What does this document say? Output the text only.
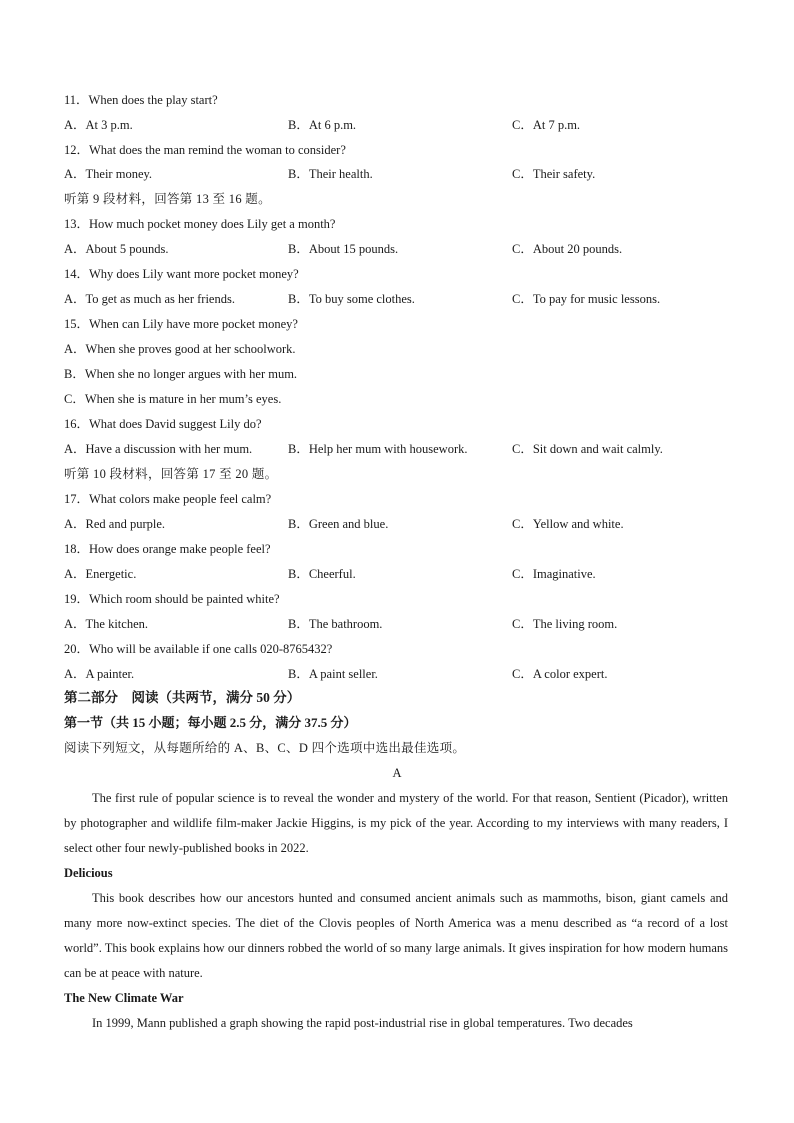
11．When does the play start?
A．At 3 p.m.	B．At 6 p.m.	C．At 7 p.m.
12．What does the man remind the woman to consider?
A．Their money.	B．Their health.	C．Their safety.
听第 9 段材料，回答第 13 至 16 题。
13．How much pocket money does Lily get a month?
A．About 5 pounds.	B．About 15 pounds.	C．About 20 pounds.
14．Why does Lily want more pocket money?
A．To get as much as her friends.	B．To buy some clothes.	C．To pay for music lessons.
15．When can Lily have more pocket money?
A．When she proves good at her schoolwork.
B．When she no longer argues with her mum.
C．When she is mature in her mum’s eyes.
16．What does David suggest Lily do?
A．Have a discussion with her mum.	B．Help her mum with housework.	C．Sit down and wait calmly.
听第 10 段材料，回答第 17 至 20 题。
17．What colors make people feel calm?
A．Red and purple.	B．Green and blue.	C．Yellow and white.
18．How does orange make people feel?
A．Energetic.	B．Cheerful.	C．Imaginative.
19．Which room should be painted white?
A．The kitchen.	B．The bathroom.	C．The living room.
20．Who will be available if one calls 020-8765432?
A．A painter.	B．A paint seller.	C．A color expert.
第二部分    阅读（共两节，满分 50 分）
第一节（共 15 小题；每小题 2.5 分，满分 37.5 分）
阅读下列短文，从每题所给的 A、B、C、D 四个选项中选出最佳选项。
A
The first rule of popular science is to reveal the wonder and mystery of the world. For that reason, Sentient (Picador), written by photographer and wildlife film-maker Jackie Higgins, is my pick of the year. According to my interviews with many readers, I select other four newly-published books in 2022.
Delicious
This book describes how our ancestors hunted and consumed ancient animals such as mammoths, bison, giant camels and many more now-extinct species. The diet of the Clovis peoples of North America was a menu described as “a record of a lost world”. This book explains how our dinners robbed the world of so many large animals. It gives inspiration for how modern humans can be at peace with nature.
The New Climate War
In 1999, Mann published a graph showing the rapid post-industrial rise in global temperatures. Two decades
